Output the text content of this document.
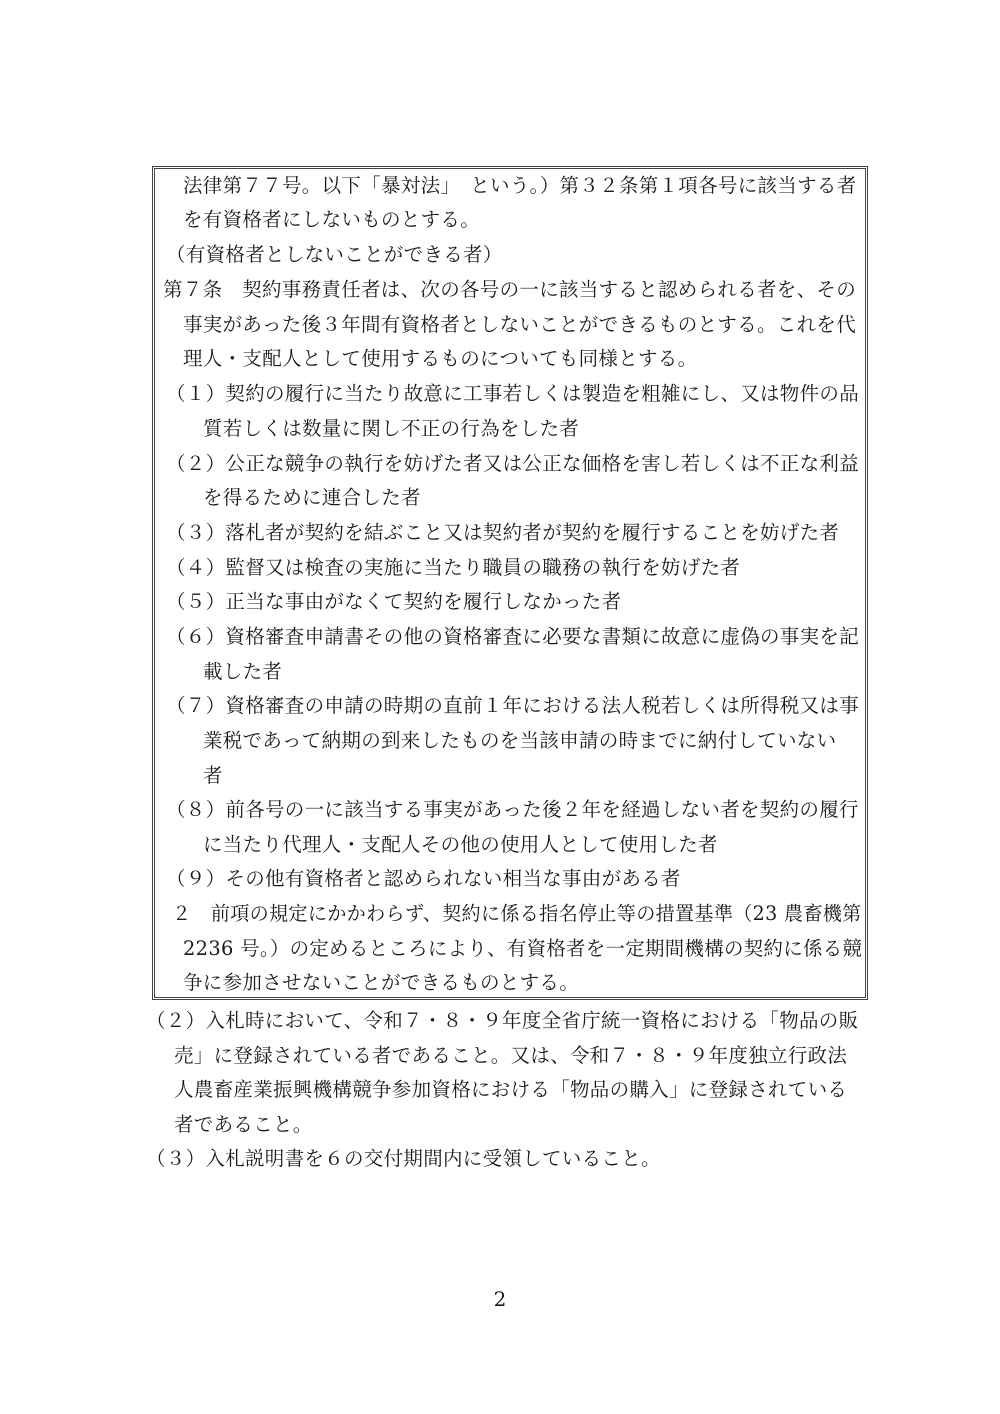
法律第７７号。以下「暴対法」　という。）第３２条第１項各号に該当する者
を有資格者にしないものとする。
（有資格者としないことができる者）
第７条　契約事務責任者は、次の各号の一に該当すると認められる者を、その
事実があった後３年間有資格者としないことができるものとする。これを代
理人・支配人として使用するものについても同様とする。
（１）契約の履行に当たり故意に工事若しくは製造を粗雑にし、又は物件の品
質若しくは数量に関し不正の行為をした者
（２）公正な競争の執行を妨げた者又は公正な価格を害し若しくは不正な利益
を得るために連合した者
（３）落札者が契約を結ぶこと又は契約者が契約を履行することを妨げた者
（４）監督又は検査の実施に当たり職員の職務の執行を妨げた者
（５）正当な事由がなくて契約を履行しなかった者
（６）資格審査申請書その他の資格審査に必要な書類に故意に虚偽の事実を記
載した者
（７）資格審査の申請の時期の直前１年における法人税若しくは所得税又は事
業税であって納期の到来したものを当該申請の時までに納付していない
者
（８）前各号の一に該当する事実があった後２年を経過しない者を契約の履行
に当たり代理人・支配人その他の使用人として使用した者
（９）その他有資格者と認められない相当な事由がある者
２　前項の規定にかかわらず、契約に係る指名停止等の措置基準（23 農畜機第
2236 号。）の定めるところにより、有資格者を一定期間機構の契約に係る競
争に参加させないことができるものとする。
（２）入札時において、令和７・８・９年度全省庁統一資格における「物品の販
売」に登録されている者であること。又は、令和７・８・９年度独立行政法
人農畜産業振興機構競争参加資格における「物品の購入」に登録されている
者であること。
（３）入札説明書を６の交付期間内に受領していること。
2
